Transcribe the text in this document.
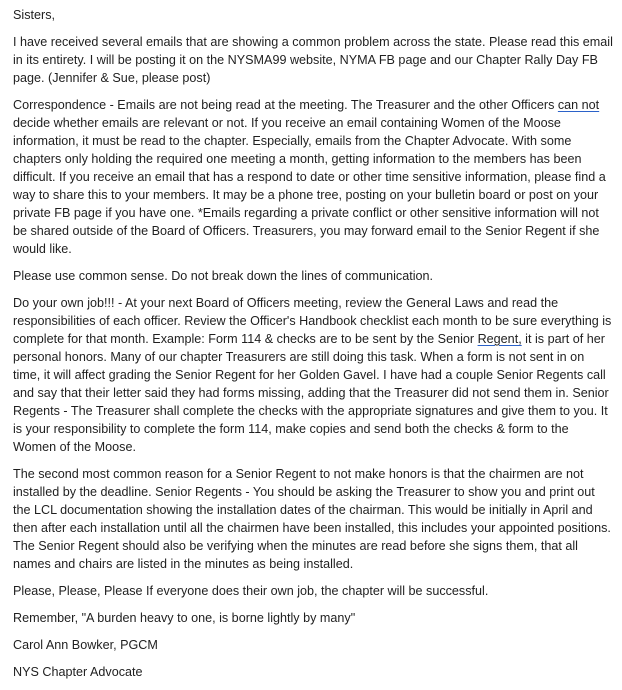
Sisters,

I have received several emails that are showing a common problem across the state. Please read this email in its entirety. I will be posting it on the NYSMA99 website, NYMA FB page and our Chapter Rally Day FB page. (Jennifer & Sue, please post)

Correspondence - Emails are not being read at the meeting. The Treasurer and the other Officers can not decide whether emails are relevant or not. If you receive an email containing Women of the Moose information, it must be read to the chapter. Especially, emails from the Chapter Advocate. With some chapters only holding the required one meeting a month, getting information to the members has been difficult. If you receive an email that has a respond to date or other time sensitive information, please find a way to share this to your members. It may be a phone tree, posting on your bulletin board or post on your private FB page if you have one. *Emails regarding a private conflict or other sensitive information will not be shared outside of the Board of Officers. Treasurers, you may forward email to the Senior Regent if she would like.

Please use common sense. Do not break down the lines of communication.

Do your own job!!! - At your next Board of Officers meeting, review the General Laws and read the responsibilities of each officer. Review the Officer's Handbook checklist each month to be sure everything is complete for that month. Example: Form 114 & checks are to be sent by the Senior Regent, it is part of her personal honors. Many of our chapter Treasurers are still doing this task. When a form is not sent in on time, it will affect grading the Senior Regent for her Golden Gavel. I have had a couple Senior Regents call and say that their letter said they had forms missing, adding that the Treasurer did not send them in. Senior Regents - The Treasurer shall complete the checks with the appropriate signatures and give them to you. It is your responsibility to complete the form 114, make copies and send both the checks & form to the Women of the Moose.

The second most common reason for a Senior Regent to not make honors is that the chairmen are not installed by the deadline. Senior Regents - You should be asking the Treasurer to show you and print out the LCL documentation showing the installation dates of the chairman. This would be initially in April and then after each installation until all the chairmen have been installed, this includes your appointed positions. The Senior Regent should also be verifying when the minutes are read before she signs them, that all names and chairs are listed in the minutes as being installed.

Please, Please, Please If everyone does their own job, the chapter will be successful.

Remember, "A burden heavy to one, is borne lightly by many"

Carol Ann Bowker, PGCM

NYS Chapter Advocate
